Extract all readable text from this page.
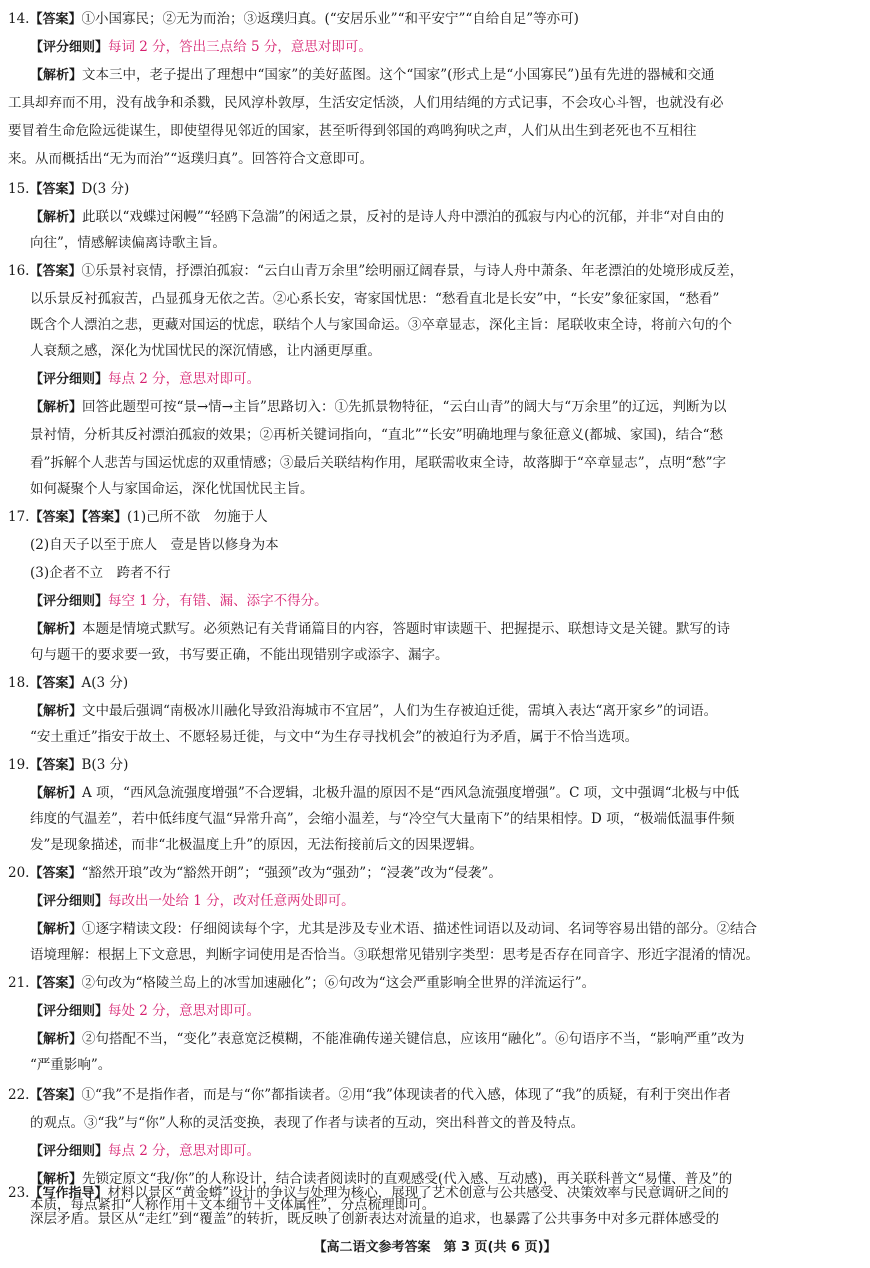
14.【答案】①小国寡民；②无为而治；③返璞归真。(“安居乐业”“和平安宁”“自给自足”等亦可)
【评分细则】每词 2 分，答出三点给 5 分，意思对即可。
【解析】文本三中，老子提出了理想中“国家”的美好蓝图。这个“国家”(形式上是“小国寡民”)虽有先进的器械和交通
工具却弃而不用，没有战争和杀戮，民风淳朴敦厚，生活安定恬淡，人们用结绳的方式记事，不会攻心斗智，也就没有必
要冒着生命危险远徙谋生，即使望得见邻近的国家，甚至听得到邻国的鸡鸣狗吠之声，人们从出生到老死也不互相往
来。从而概括出“无为而治”“返璞归真”。回答符合文意即可。
15.【答案】D(3 分)
【解析】此联以“戏蝶过闲幔”“轻鸥下急湍”的闲适之景，反衬的是诗人舟中漂泊的孤寂与内心的沉郁，并非“对自由的
向往”，情感解读偏离诗歌主旨。
16.【答案】①乐景衬哀情，抒漂泊孤寂：“云白山青万余里”绘明丽辽阔春景，与诗人舟中萧条、年老漂泊的处境形成反差，
以乐景反衬孤寂苦，凸显孤身无依之苦。②心系长安，寄家国忧思：“愁看直北是长安”中，“长安”象征家国，“愁看”
既含个人漂泊之悲，更藏对国运的忧虑，联结个人与家国命运。③卒章显志，深化主旨：尾联收束全诗，将前六句的个
人衰颓之感，深化为忧国忧民的深沉情感，让内涵更厚重。
【评分细则】每点 2 分，意思对即可。
【解析】回答此题型可按“景→情→主旨”思路切入：①先抓景物特征，“云白山青”的阔大与“万余里”的辽远，判断为以
景衬情，分析其反衬漂泊孤寂的效果；②再析关键词指向，“直北”“长安”明确地理与象征意义(都城、家国)，结合“愁
看”拆解个人悲苦与国运忧虑的双重情感；③最后关联结构作用，尾联需收束全诗，故落脚于“卒章显志”，点明“愁”字
如何凝聚个人与家国命运，深化忧国忧民主旨。
17.【答案】【答案】(1)己所不欲　勿施于人
(2)自天子以至于庶人　壹是皆以修身为本
(3)企者不立　跨者不行
【评分细则】每空 1 分，有错、漏、添字不得分。
【解析】本题是情境式默写。必须熟记有关背诵篇目的内容，答题时审读题干、把握提示、联想诗文是关键。默写的诗
句与题干的要求要一致，书写要正确，不能出现错别字或添字、漏字。
18.【答案】A(3 分)
【解析】文中最后强调“南极冰川融化导致沿海城市不宜居”，人们为生存被迫迁徙，需填入表达“离开家乡”的词语。
“安土重迁”指安于故土、不愿轻易迁徙，与文中“为生存寻找机会”的被迫行为矛盾，属于不恰当选项。
19.【答案】B(3 分)
【解析】A 项，“西风急流强度增强”不合逻辑，北极升温的原因不是“西风急流强度增强”。C 项，文中强调“北极与中低
纬度的气温差”，若中低纬度气温“异常升高”，会缩小温差，与“冷空气大量南下”的结果相悖。D 项，“极端低温事件频
发”是现象描述，而非“北极温度上升”的原因，无法衔接前后文的因果逻辑。
20.【答案】“豁然开琅”改为“豁然开朗”；“强颈”改为“强劲”；“浸袭”改为“侵袭”。
【评分细则】每改出一处给 1 分，改对任意两处即可。
【解析】①逐字精读文段：仔细阅读每个字，尤其是涉及专业术语、描述性词语以及动词、名词等容易出错的部分。②结合
语境理解：根据上下文意思，判断字词使用是否恰当。③联想常见错别字类型：思考是否存在同音字、形近字混淆的情况。
21.【答案】②句改为“格陵兰岛上的冰雪加速融化”；⑥句改为“这会严重影响全世界的洋流运行”。
【评分细则】每处 2 分，意思对即可。
【解析】②句搭配不当，“变化”表意宽泛模糊，不能准确传递关键信息，应该用“融化”。⑥句语序不当，“影响严重”改为
“严重影响”。
22.【答案】①“我”不是指作者，而是与“你”都指读者。②用“我”体现读者的代入感，体现了“我”的质疑，有利于突出作者
的观点。③“我”与“你”人称的灵活变换，表现了作者与读者的互动，突出科普文的普及特点。
【评分细则】每点 2 分，意思对即可。
【解析】先锁定原文“我/你”的人称设计，结合读者阅读时的直观感受(代入感、互动感)，再关联科普文“易懂、普及”的
本质，每点紧扣“人称作用＋文本细节＋文体属性”，分点梳理即可。
23.【写作指导】材料以景区“黄金蟒”设计的争议与处理为核心，展现了艺术创意与公共感受、决策效率与民意调研之间的
深层矛盾。景区从“走红”到“覆盖”的转折，既反映了创新表达对流量的追求，也暴露了公共事务中对多元群体感受的
【高二语文参考答案　第 3 页(共 6 页)】
